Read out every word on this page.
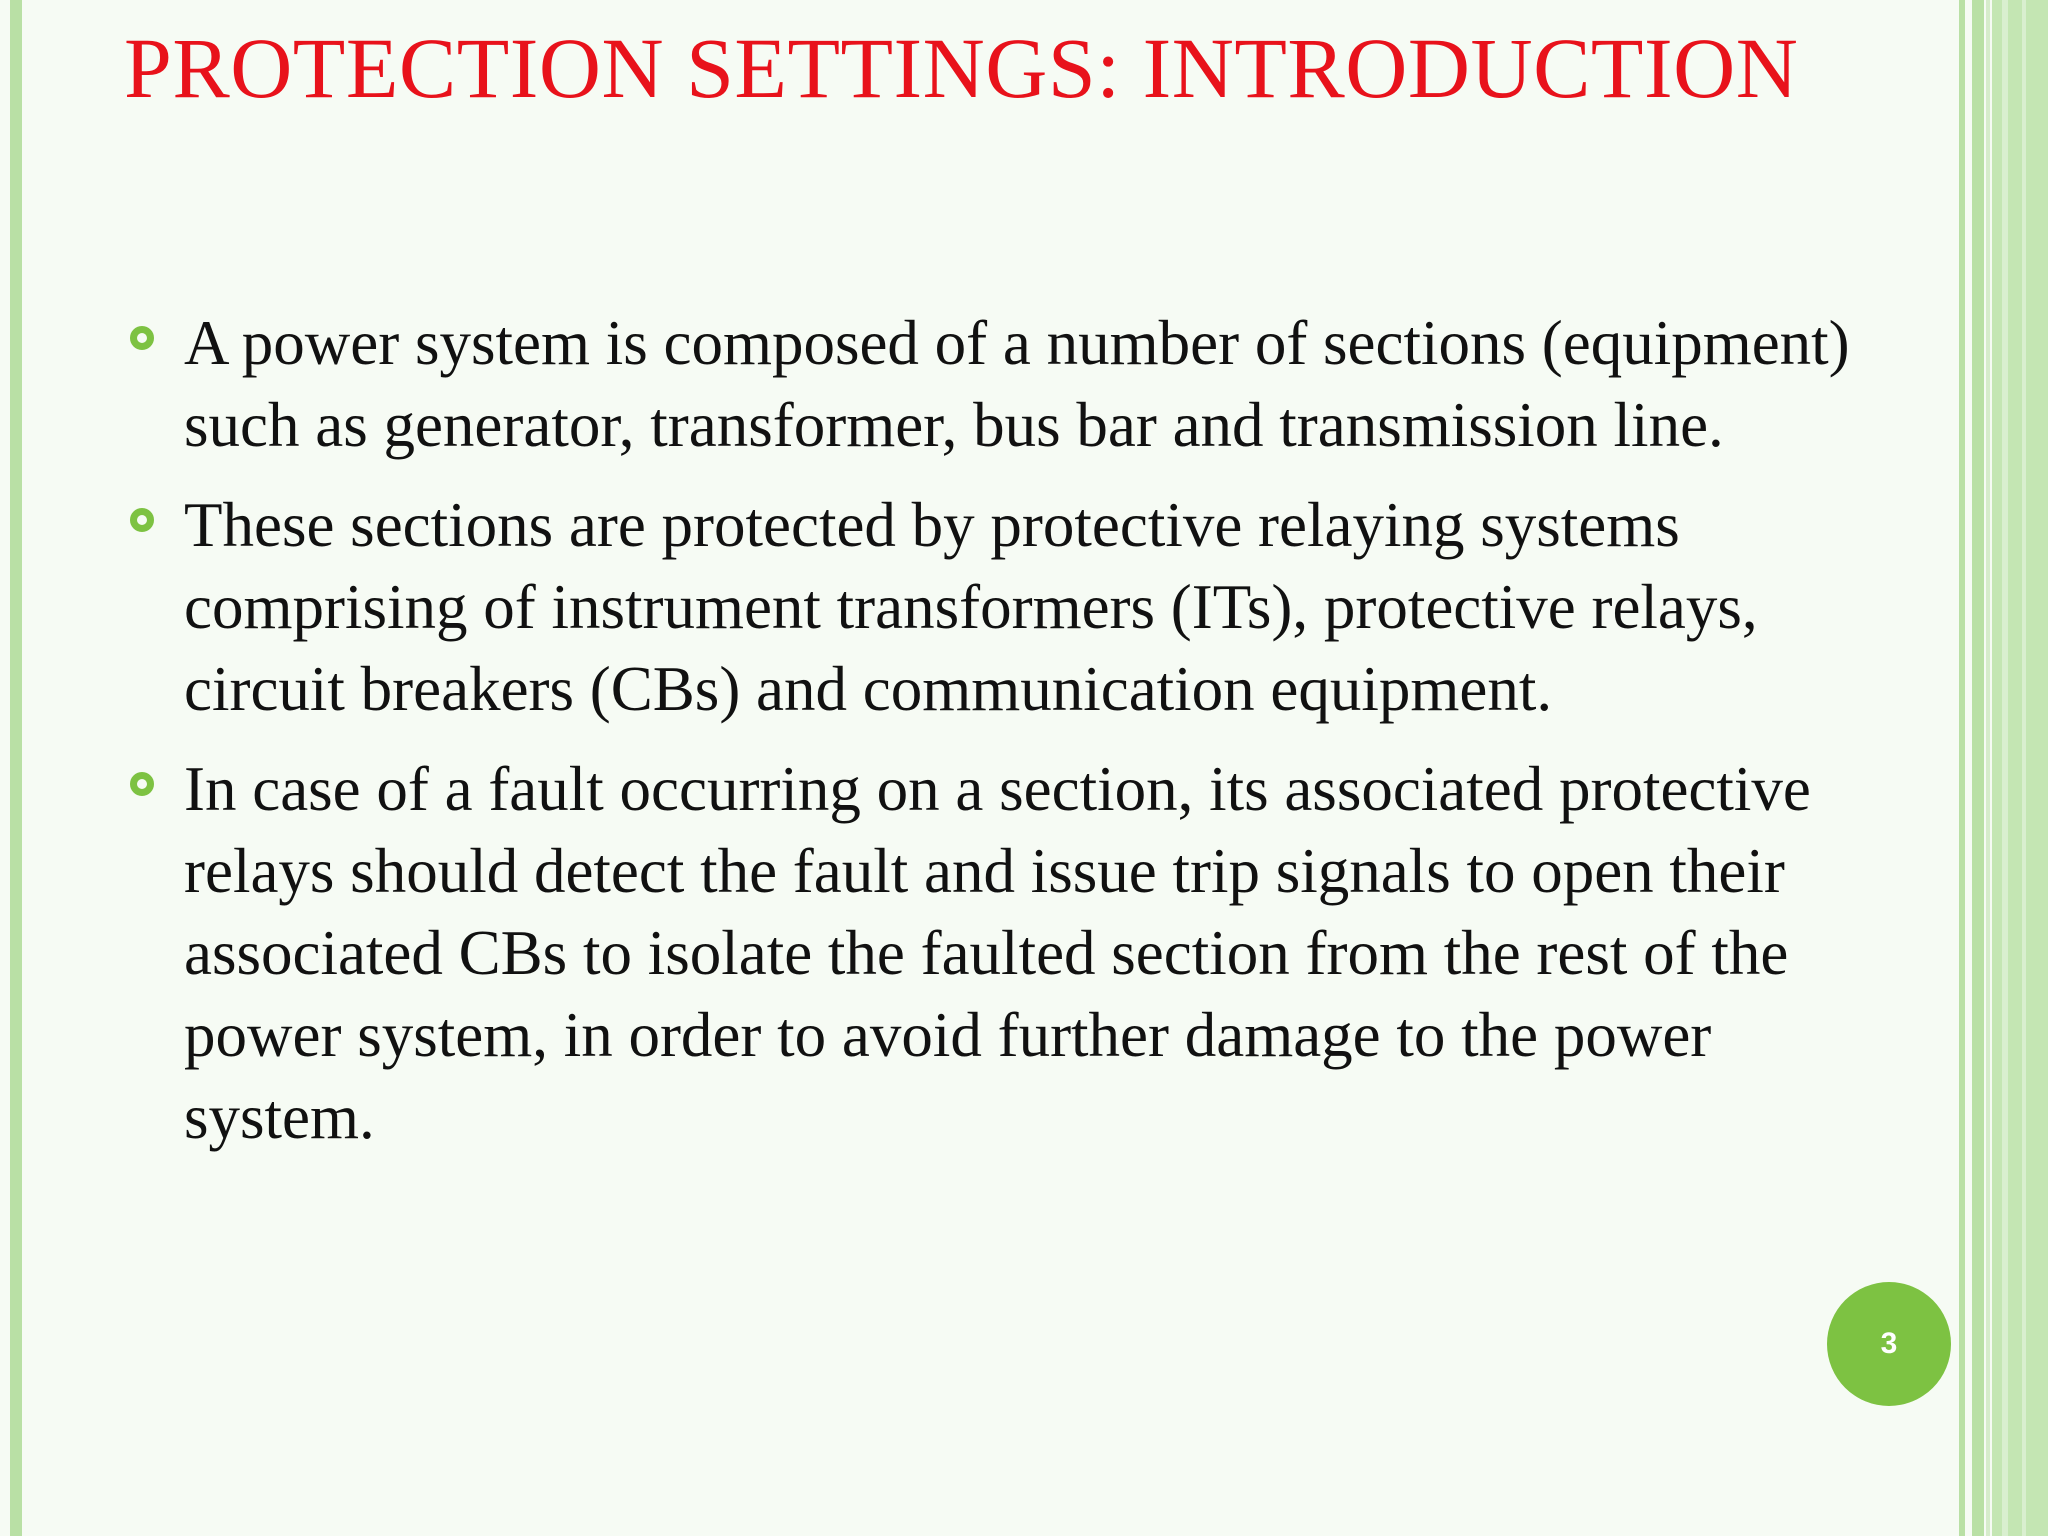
PROTECTION SETTINGS: INTRODUCTION
A power system is composed of a number of sections (equipment) such as generator, transformer, bus bar and transmission line.
These sections are protected by protective relaying systems comprising of instrument transformers (ITs), protective relays, circuit breakers (CBs) and communication equipment.
In case of a fault occurring on a section, its associated protective relays should detect the fault and issue trip signals to open their associated CBs to isolate the faulted section from the rest of the power system, in order to avoid further damage to the power system.
3
